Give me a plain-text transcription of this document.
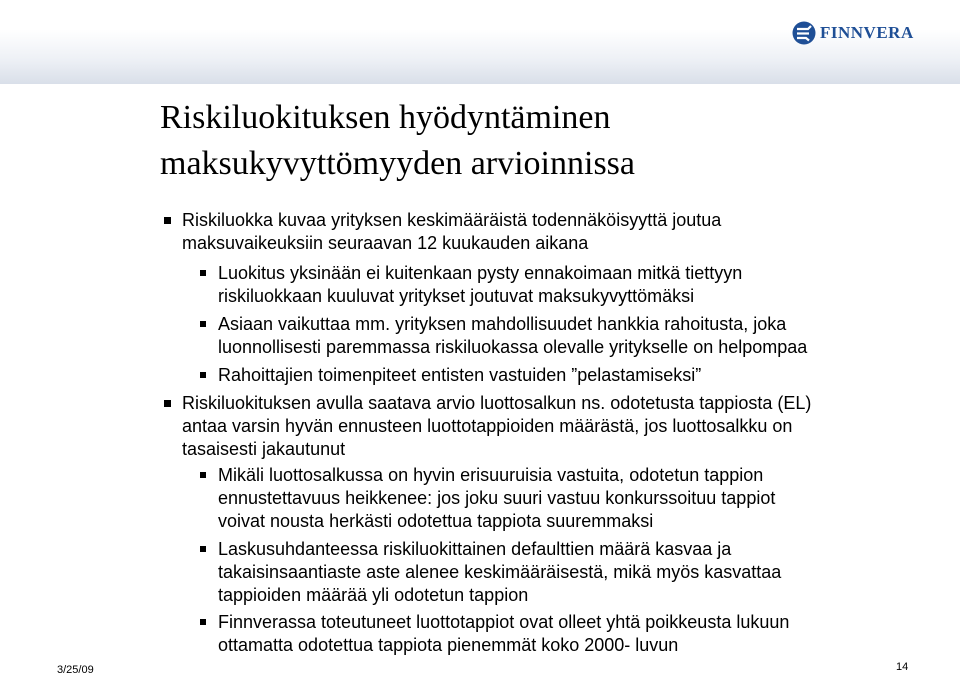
FINNVERA
Riskiluokituksen hyödyntäminen
maksukyvyttömyyden arvioinnissa

Riskiluokka kuvaa yrityksen keskimääräistä todennäköisyyttä joutua
maksuvaikeuksiin seuraavan 12 kuukauden aikana

Luokitus yksinään ei kuitenkaan pysty ennakoimaan mitkä tiettyyn
riskiluokkaan kuuluvat yritykset joutuvat maksukyvyttömäksi

Asiaan vaikuttaa mm. yrityksen mahdollisuudet hankkia rahoitusta, joka
luonnollisesti paremmassa riskiluokassa olevalle yritykselle on helpompaa

Rahoittajien toimenpiteet entisten vastuiden ”pelastamiseksi”

Riskiluokituksen avulla saatava arvio luottosalkun ns. odotetusta tappiosta (EL)
antaa varsin hyvän ennusteen luottotappioiden määrästä, jos luottosalkku on
tasaisesti jakautunut

Mikäli luottosalkussa on hyvin erisuuruisia vastuita, odotetun tappion
ennustettavuus heikkenee: jos joku suuri vastuu konkurssoituu tappiot
voivat nousta herkästi odotettua tappiota suuremmaksi

Laskusuhdanteessa riskiluokittainen defaulttien määrä kasvaa ja
takaisinsaantiaste aste alenee keskimääräisestä, mikä myös kasvattaa
tappioiden määrää yli odotetun tappion

Finnverassa toteutuneet luottotappiot ovat olleet yhtä poikkeusta lukuun
ottamatta odotettua tappiota pienemmät koko 2000- luvun

3/25/09	14
